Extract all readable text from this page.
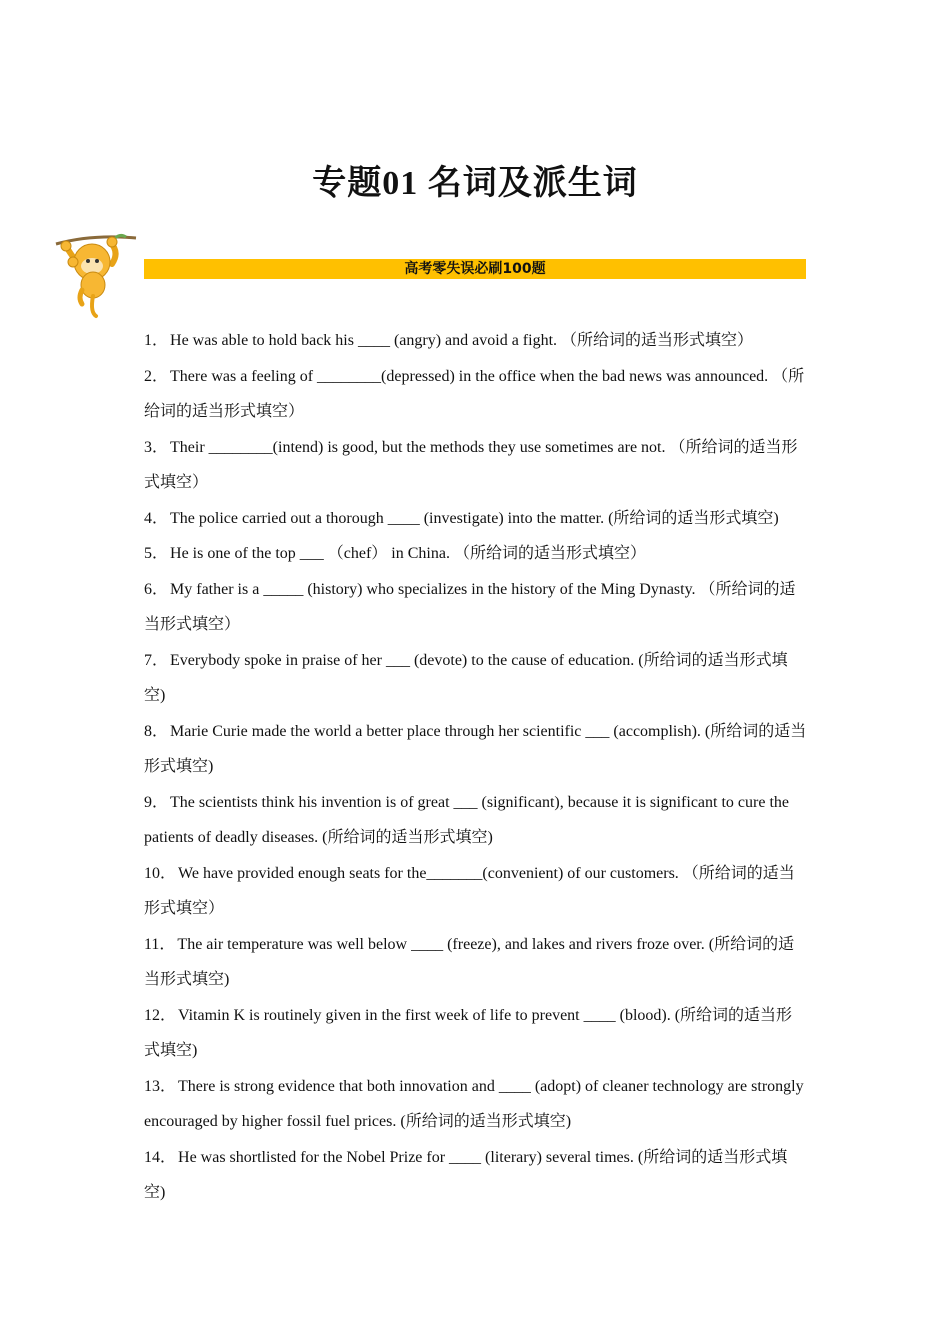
专题01 名词及派生词
高考零失误必刷100题
1． He was able to hold back his ____ (angry) and avoid a fight. （所给词的适当形式填空）
2． There was a feeling of ________(depressed) in the office when the bad news was announced. （所给词的适当形式填空）
3． Their ________(intend) is good, but the methods they use sometimes are not. （所给词的适当形式填空）
4． The police carried out a thorough ____ (investigate) into the matter. (所给词的适当形式填空)
5． He is one of the top ___ （chef） in China. （所给词的适当形式填空）
6． My father is a _____ (history) who specializes in the history of the Ming Dynasty. （所给词的适当形式填空）
7． Everybody spoke in praise of her ___ (devote) to the cause of education. (所给词的适当形式填空)
8． Marie Curie made the world a better place through her scientific ___ (accomplish). (所给词的适当形式填空)
9． The scientists think his invention is of great ___ (significant), because it is significant to cure the patients of deadly diseases. (所给词的适当形式填空)
10． We have provided enough seats for the_______(convenient) of our customers. （所给词的适当形式填空）
11． The air temperature was well below ____ (freeze), and lakes and rivers froze over. (所给词的适当形式填空)
12． Vitamin K is routinely given in the first week of life to prevent ____ (blood). (所给词的适当形式填空)
13． There is strong evidence that both innovation and ____ (adopt) of cleaner technology are strongly encouraged by higher fossil fuel prices. (所给词的适当形式填空)
14． He was shortlisted for the Nobel Prize for ____ (literary) several times. (所给词的适当形式填空)
